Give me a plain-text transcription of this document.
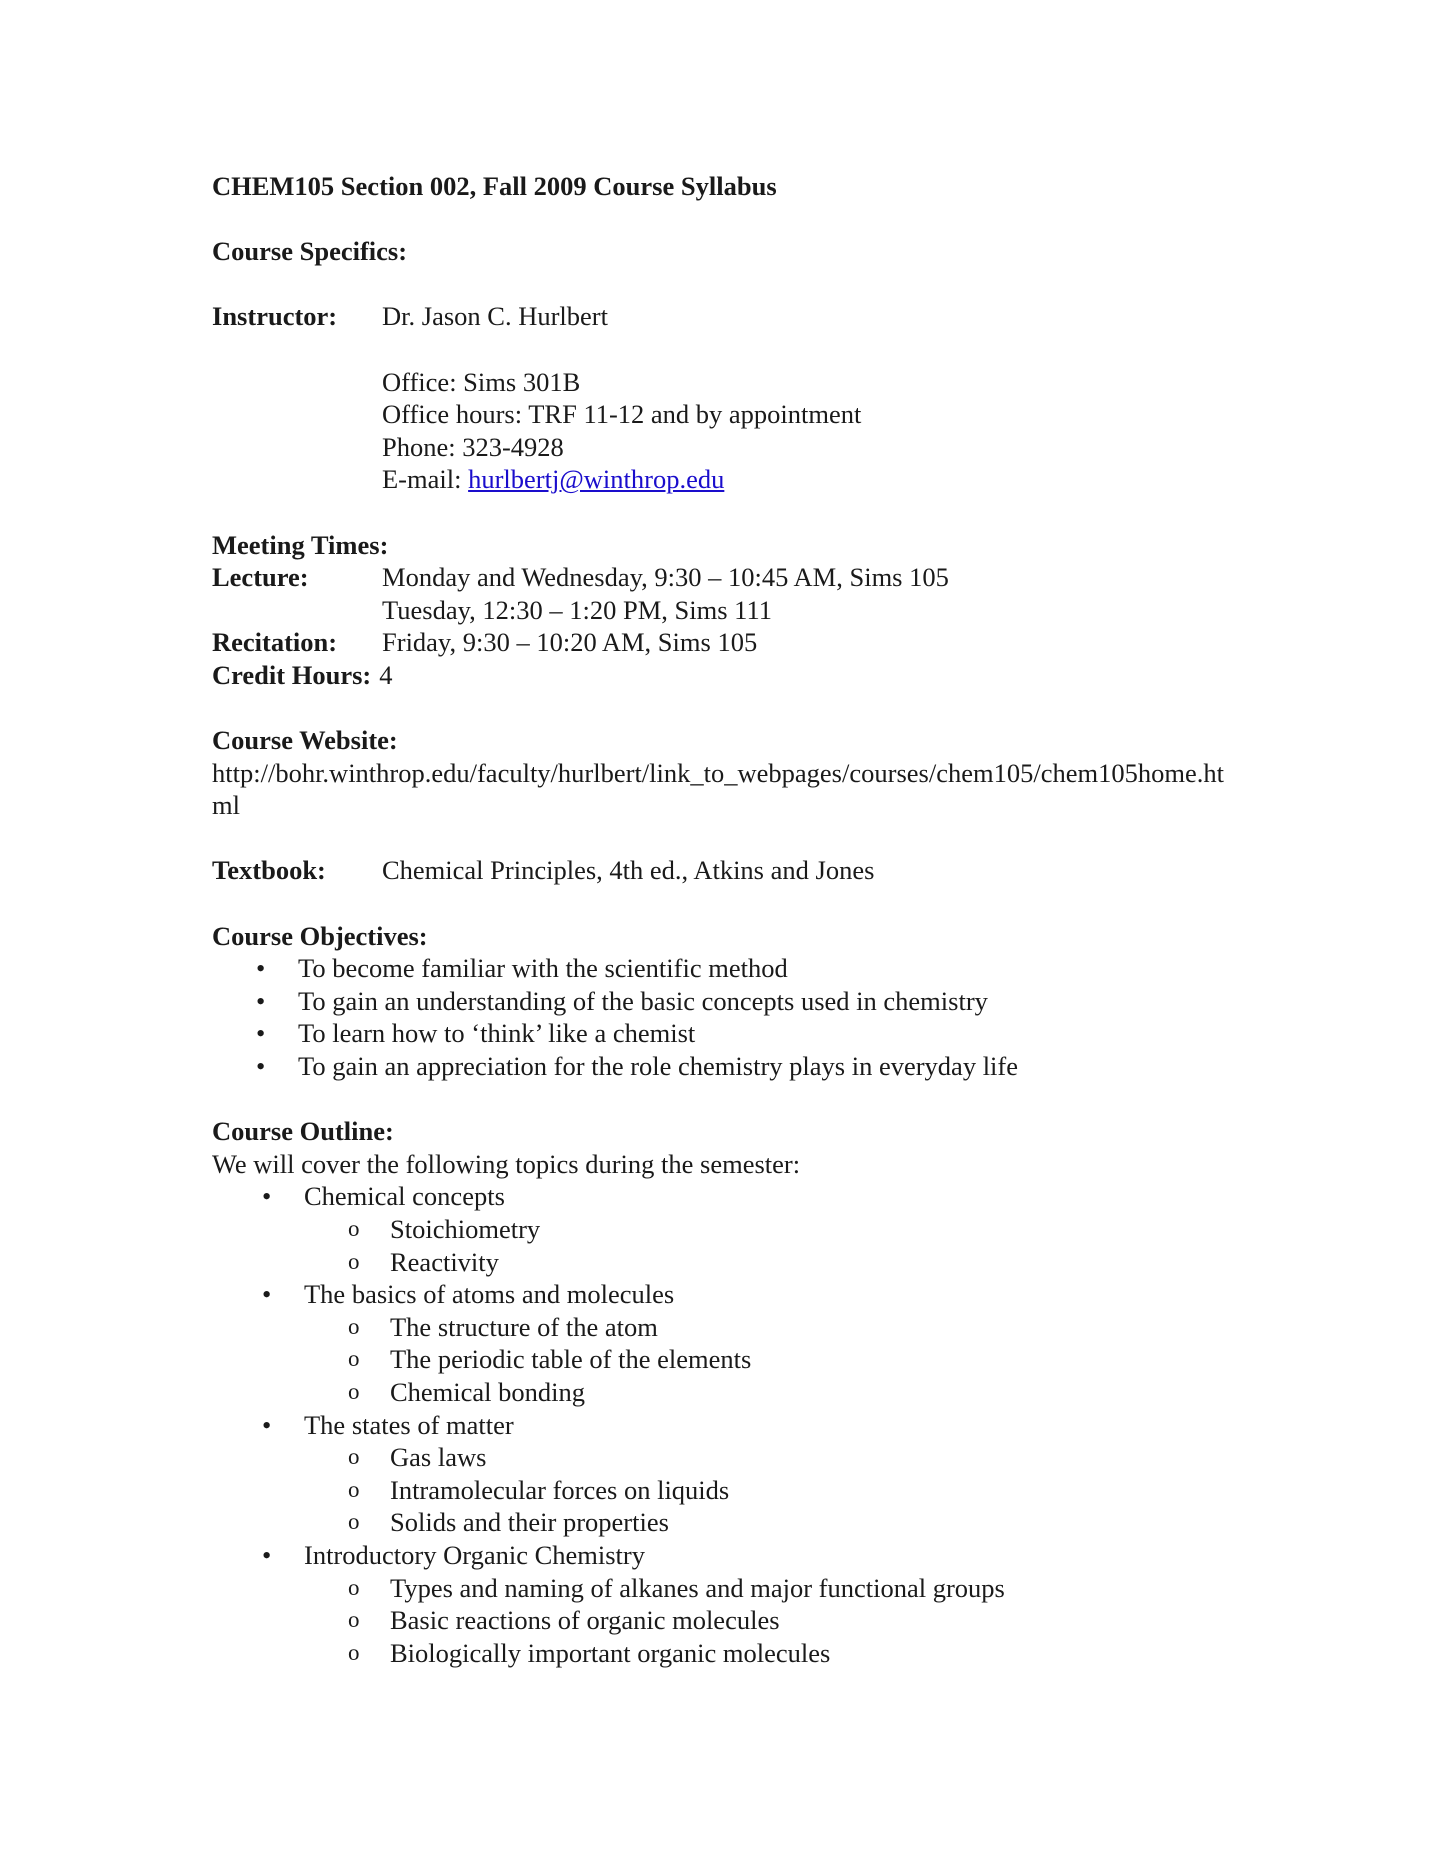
CHEM105 Section 002, Fall 2009 Course Syllabus
Course Specifics:
Instructor: Dr. Jason C. Hurlbert
Office: Sims 301B
Office hours: TRF 11-12 and by appointment
Phone: 323-4928
E-mail: hurlbertj@winthrop.edu
Meeting Times:
Lecture:	Monday and Wednesday, 9:30 – 10:45 AM, Sims 105
Tuesday, 12:30 – 1:20 PM, Sims 111
Recitation: Friday, 9:30 – 10:20 AM, Sims 105
Credit Hours: 4
Course Website:
http://bohr.winthrop.edu/faculty/hurlbert/link_to_webpages/courses/chem105/chem105home.html
Textbook: Chemical Principles, 4th ed., Atkins and Jones
Course Objectives:
• To become familiar with the scientific method
• To gain an understanding of the basic concepts used in chemistry
• To learn how to ‘think’ like a chemist
• To gain an appreciation for the role chemistry plays in everyday life
Course Outline:
We will cover the following topics during the semester:
• Chemical concepts
o Stoichiometry
o Reactivity
• The basics of atoms and molecules
o The structure of the atom
o The periodic table of the elements
o Chemical bonding
• The states of matter
o Gas laws
o Intramolecular forces on liquids
o Solids and their properties
• Introductory Organic Chemistry
o Types and naming of alkanes and major functional groups
o Basic reactions of organic molecules
o Biologically important organic molecules
